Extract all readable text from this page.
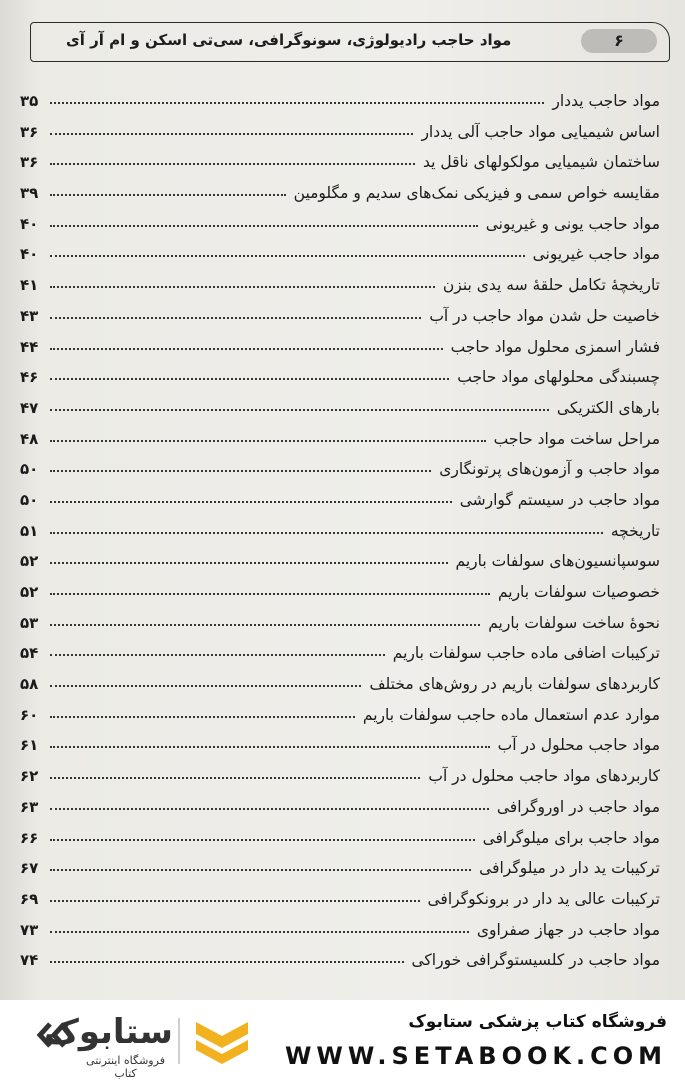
مواد حاجب رادیولوژی، سونوگرافی، سی‌تی اسکن و ام آر آی	۶
مواد حاجب یددار
۳۵
اساس شیمیایی مواد حاجب آلی یددار
۳۶
ساختمان شیمیایی مولکولهای ناقل ید
۳۶
مقایسه خواص سمی و فیزیکی نمک‌های سدیم و مگلومین
۳۹
مواد حاجب یونی و غیریونی
۴۰
مواد حاجب غیریونی
۴۰
تاریخچهٔ تکامل حلقهٔ سه یدی بنزن
۴۱
خاصیت حل شدن مواد حاجب در آب
۴۳
فشار اسمزی محلول مواد حاجب
۴۴
چسبندگی محلولهای مواد حاجب
۴۶
بارهای الکتریکی
۴۷
مراحل ساخت مواد حاجب
۴۸
مواد حاجب و آزمون‌های پرتونگاری
۵۰
مواد حاجب در سیستم گوارشی
۵۰
تاریخچه
۵۱
سوسپانسیون‌های سولفات باریم
۵۲
خصوصیات سولفات باریم
۵۲
نحوهٔ ساخت سولفات باریم
۵۳
ترکیبات اضافی ماده حاجب سولفات باریم
۵۴
کاربردهای سولفات باریم در روش‌های مختلف
۵۸
موارد عدم استعمال ماده حاجب سولفات باریم
۶۰
مواد حاجب محلول در آب
۶۱
کاربردهای مواد حاجب محلول در آب
۶۲
مواد حاجب در اوروگرافی
۶۳
مواد حاجب برای میلوگرافی
۶۶
ترکیبات ید دار در میلوگرافی
۶۷
ترکیبات عالی ید دار در برونکوگرافی
۶۹
مواد حاجب در جهاز صفراوی
۷۳
مواد حاجب در کلسیستوگرافی خوراکی
۷۴
ستابوک
فروشگاه اینترنتی کتاب
فروشگاه کتاب پزشکی ستابوک
WWW.SETABOOK.COM
